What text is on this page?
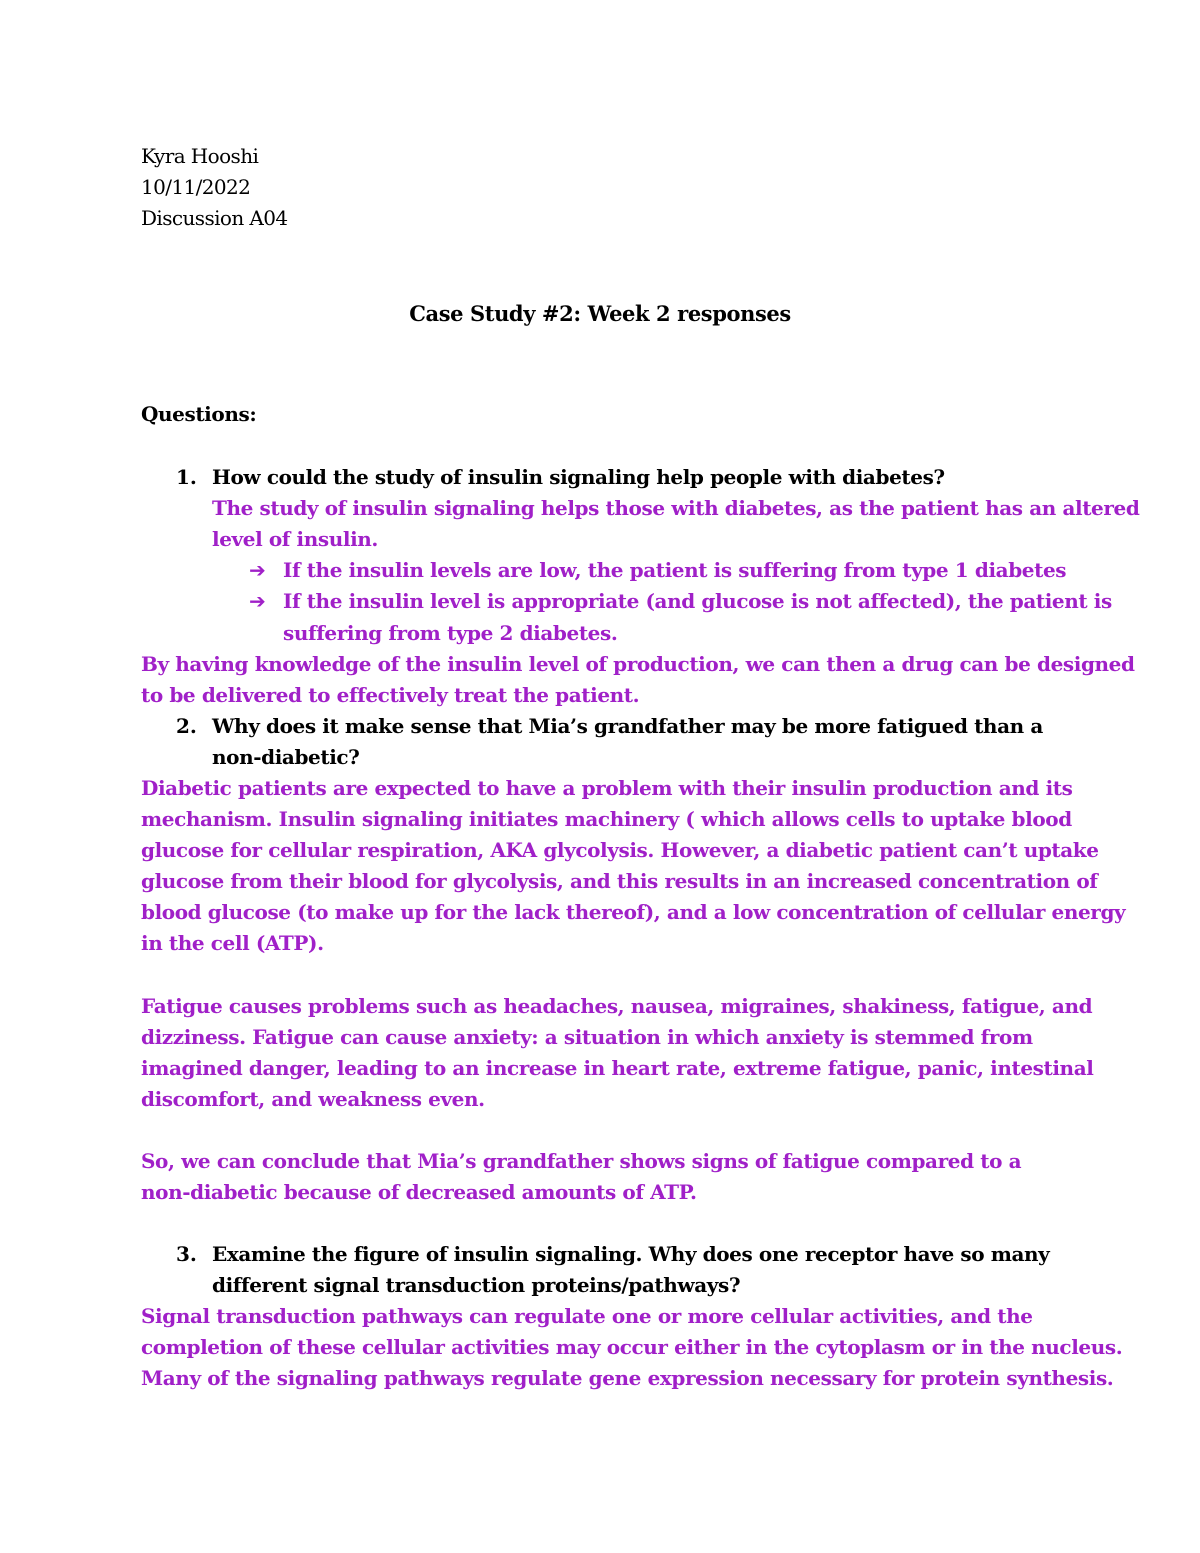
Kyra Hooshi
10/11/2022
Discussion A04
Case Study #2: Week 2 responses
Questions:
1. How could the study of insulin signaling help people with diabetes?
The study of insulin signaling helps those with diabetes, as the patient has an altered
level of insulin.
➔ If the insulin levels are low, the patient is suffering from type 1 diabetes
➔ If the insulin level is appropriate (and glucose is not affected), the patient is
suffering from type 2 diabetes.
By having knowledge of the insulin level of production, we can then a drug can be designed
to be delivered to effectively treat the patient.
2. Why does it make sense that Mia’s grandfather may be more fatigued than a
non-diabetic?
Diabetic patients are expected to have a problem with their insulin production and its
mechanism. Insulin signaling initiates machinery ( which allows cells to uptake blood
glucose for cellular respiration, AKA glycolysis. However, a diabetic patient can’t uptake
glucose from their blood for glycolysis, and this results in an increased concentration of
blood glucose (to make up for the lack thereof), and a low concentration of cellular energy
in the cell (ATP).
Fatigue causes problems such as headaches, nausea, migraines, shakiness, fatigue, and
dizziness. Fatigue can cause anxiety: a situation in which anxiety is stemmed from
imagined danger, leading to an increase in heart rate, extreme fatigue, panic, intestinal
discomfort, and weakness even.
So, we can conclude that Mia’s grandfather shows signs of fatigue compared to a
non-diabetic because of decreased amounts of ATP.
3. Examine the figure of insulin signaling. Why does one receptor have so many
different signal transduction proteins/pathways?
Signal transduction pathways can regulate one or more cellular activities, and the
completion of these cellular activities may occur either in the cytoplasm or in the nucleus.
Many of the signaling pathways regulate gene expression necessary for protein synthesis.
